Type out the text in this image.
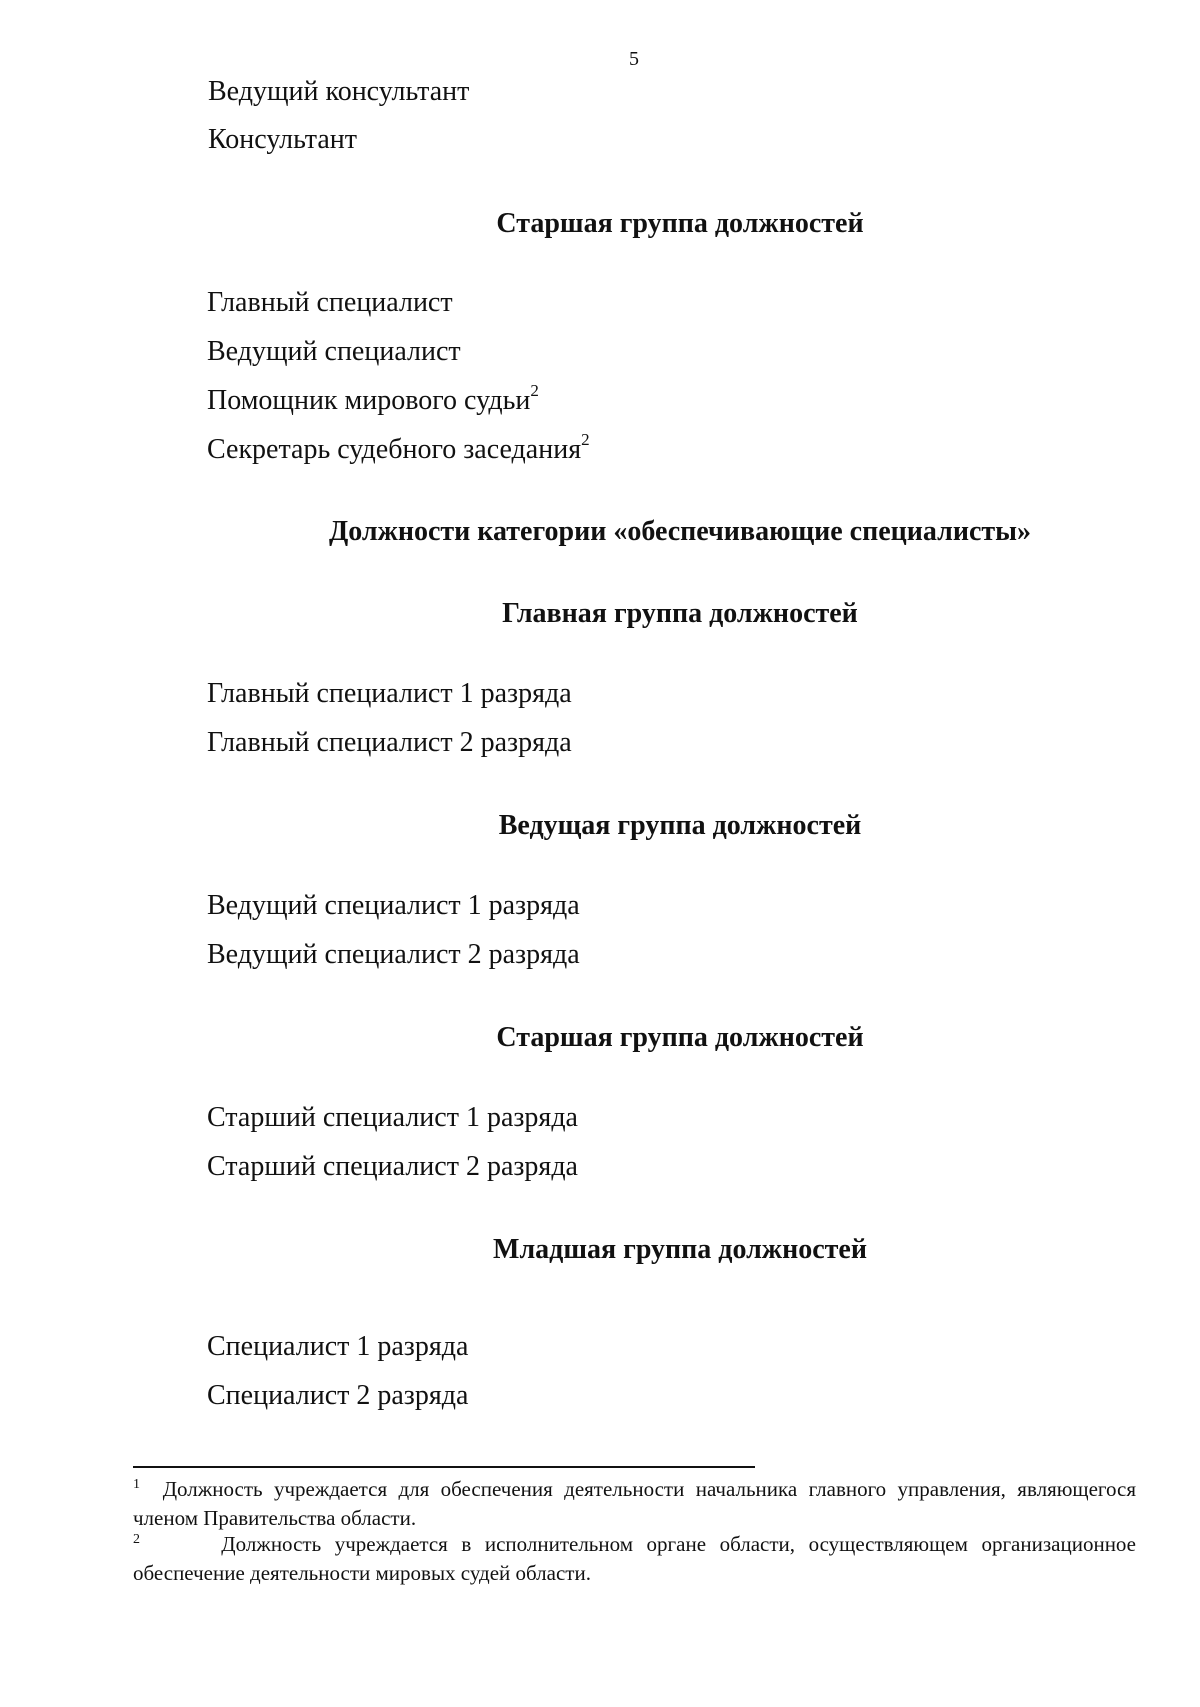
5
Ведущий консультант
Консультант
Старшая группа должностей
Главный специалист
Ведущий специалист
Помощник мирового судьи$^2$
Секретарь судебного заседания$^2$
Должности категории «обеспечивающие специалисты»
Главная группа должностей
Главный специалист 1 разряда
Главный специалист 2 разряда
Ведущая группа должностей
Ведущий специалист 1 разряда
Ведущий специалист 2 разряда
Старшая группа должностей
Старший специалист 1 разряда
Старший специалист 2 разряда
Младшая группа должностей
Специалист 1 разряда
Специалист 2 разряда
$^1$ Должность учреждается для обеспечения деятельности начальника главного управления, являющегося членом Правительства области.
$^2$	Должность учреждается в исполнительном органе области, осуществляющем организационное обеспечение деятельности мировых судей области.
